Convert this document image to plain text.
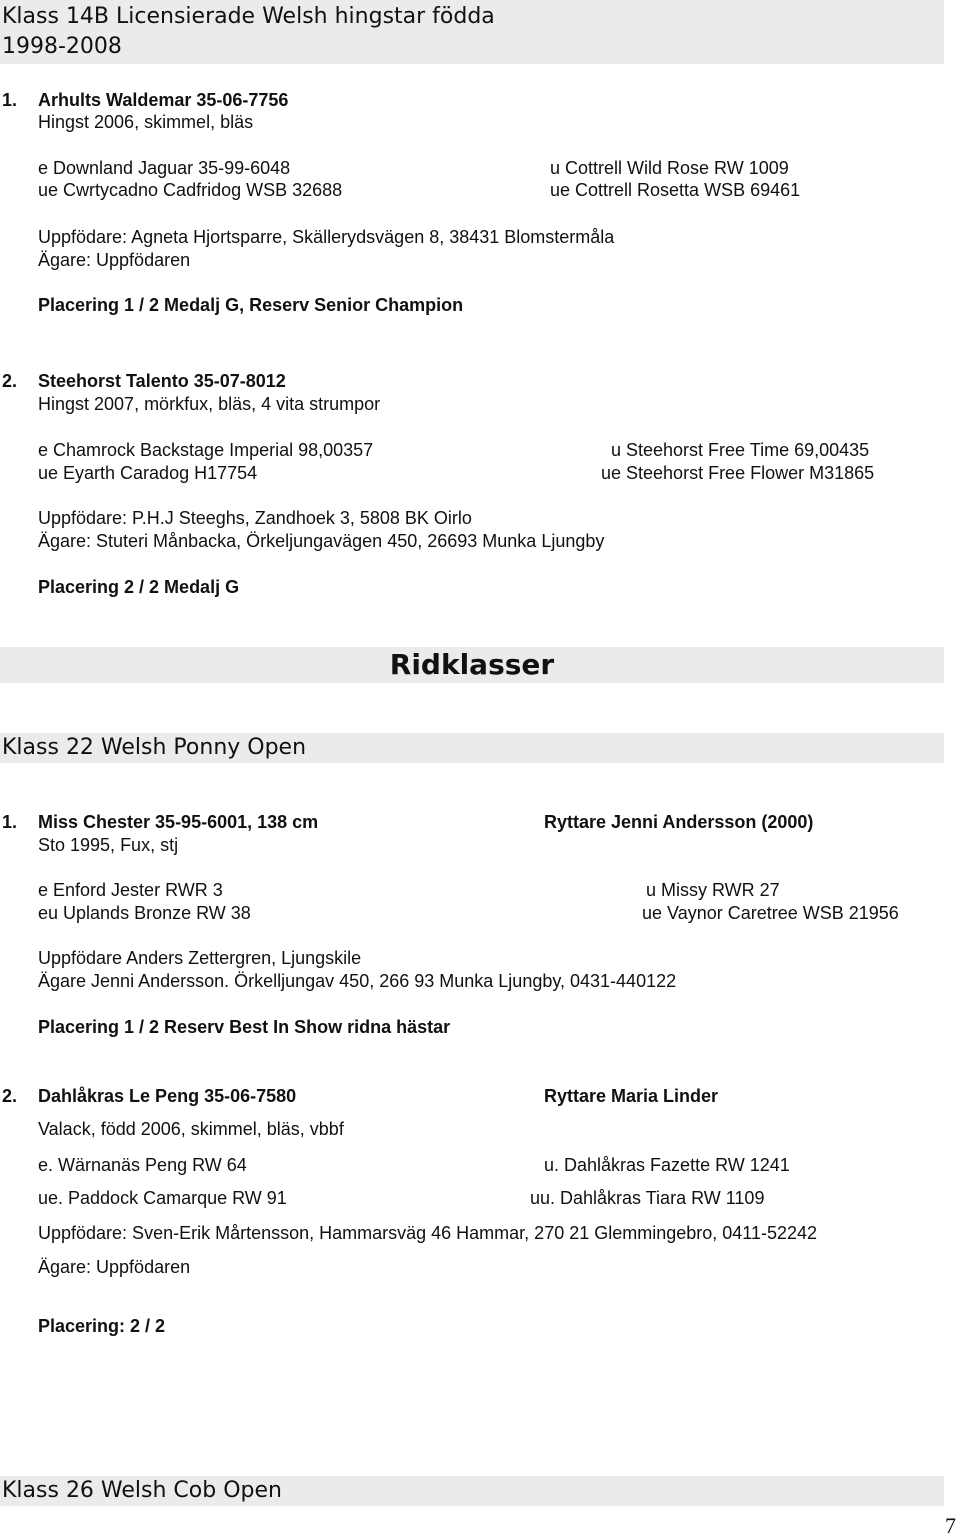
Klass 14B Licensierade Welsh hingstar födda
1998-2008
1. Arhults Waldemar 35-06-7756
Hingst 2006, skimmel, bläs
e Downland Jaguar 35-99-6048	u Cottrell Wild Rose RW 1009
ue Cwrtycadno Cadfridog WSB 32688	ue Cottrell Rosetta WSB 69461
Uppfödare: Agneta Hjortsparre, Skällerydsvägen 8, 38431 Blomstermåla
Ägare: Uppfödaren
Placering 1 / 2 Medalj G, Reserv Senior Champion
2. Steehorst Talento 35-07-8012
Hingst 2007, mörkfux, bläs, 4 vita strumpor
e Chamrock Backstage Imperial 98,00357	u Steehorst Free Time 69,00435
ue Eyarth Caradog H17754	ue Steehorst Free Flower M31865
Uppfödare: P.H.J Steeghs, Zandhoek 3, 5808 BK Oirlo
Ägare: Stuteri Månbacka, Örkeljungavägen 450, 26693 Munka Ljungby
Placering 2 / 2 Medalj G
Ridklasser
Klass 22 Welsh Ponny Open
1. Miss Chester 35-95-6001, 138 cm	Ryttare Jenni Andersson (2000)
Sto 1995, Fux, stj
e Enford Jester RWR 3	u Missy RWR 27
eu Uplands Bronze RW 38	ue Vaynor Caretree WSB 21956
Uppfödare Anders Zettergren, Ljungskile
Ägare Jenni Andersson. Örkelljungav 450, 266 93 Munka Ljungby, 0431-440122
Placering 1 / 2 Reserv Best In Show ridna hästar
2. Dahlåkras Le Peng 35-06-7580	Ryttare Maria Linder
Valack, född 2006, skimmel, bläs, vbbf
e. Wärnanäs Peng RW 64	u. Dahlåkras Fazette RW 1241
ue. Paddock Camarque RW 91	uu. Dahlåkras Tiara RW 1109
Uppfödare: Sven-Erik Mårtensson, Hammarsväg 46 Hammar, 270 21 Glemmingebro, 0411-52242
Ägare: Uppfödaren
Placering: 2 / 2
Klass 26 Welsh Cob Open
7
